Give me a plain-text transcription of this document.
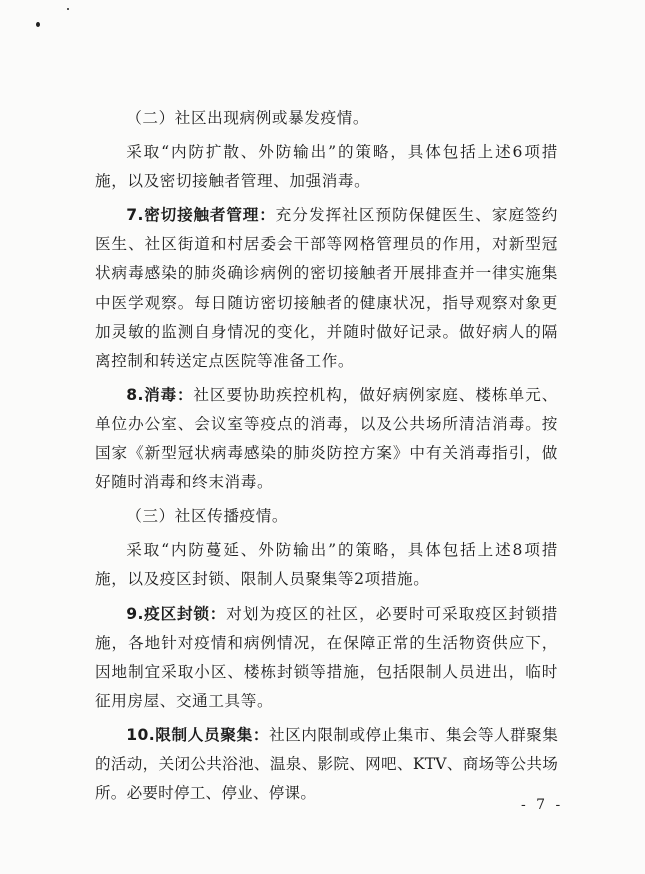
（二）社区出现病例或暴发疫情。

采取“内防扩散、外防输出”的策略，具体包括上述6项措施，以及密切接触者管理、加强消毒。

7.密切接触者管理：充分发挥社区预防保健医生、家庭签约医生、社区街道和村居委会干部等网格管理员的作用，对新型冠状病毒感染的肺炎确诊病例的密切接触者开展排查并一律实施集中医学观察。每日随访密切接触者的健康状况，指导观察对象更加灵敏的监测自身情况的变化，并随时做好记录。做好病人的隔离控制和转送定点医院等准备工作。

8.消毒：社区要协助疾控机构，做好病例家庭、楼栋单元、单位办公室、会议室等疫点的消毒，以及公共场所清洁消毒。按国家《新型冠状病毒感染的肺炎防控方案》中有关消毒指引，做好随时消毒和终末消毒。

（三）社区传播疫情。

采取“内防蔓延、外防输出”的策略，具体包括上述8项措施，以及疫区封锁、限制人员聚集等2项措施。

9.疫区封锁：对划为疫区的社区，必要时可采取疫区封锁措施，各地针对疫情和病例情况，在保障正常的生活物资供应下，因地制宜采取小区、楼栋封锁等措施，包括限制人员进出，临时征用房屋、交通工具等。

10.限制人员聚集：社区内限制或停止集市、集会等人群聚集的活动，关闭公共浴池、温泉、影院、网吧、KTV、商场等公共场所。必要时停工、停业、停课。

- 7 -
